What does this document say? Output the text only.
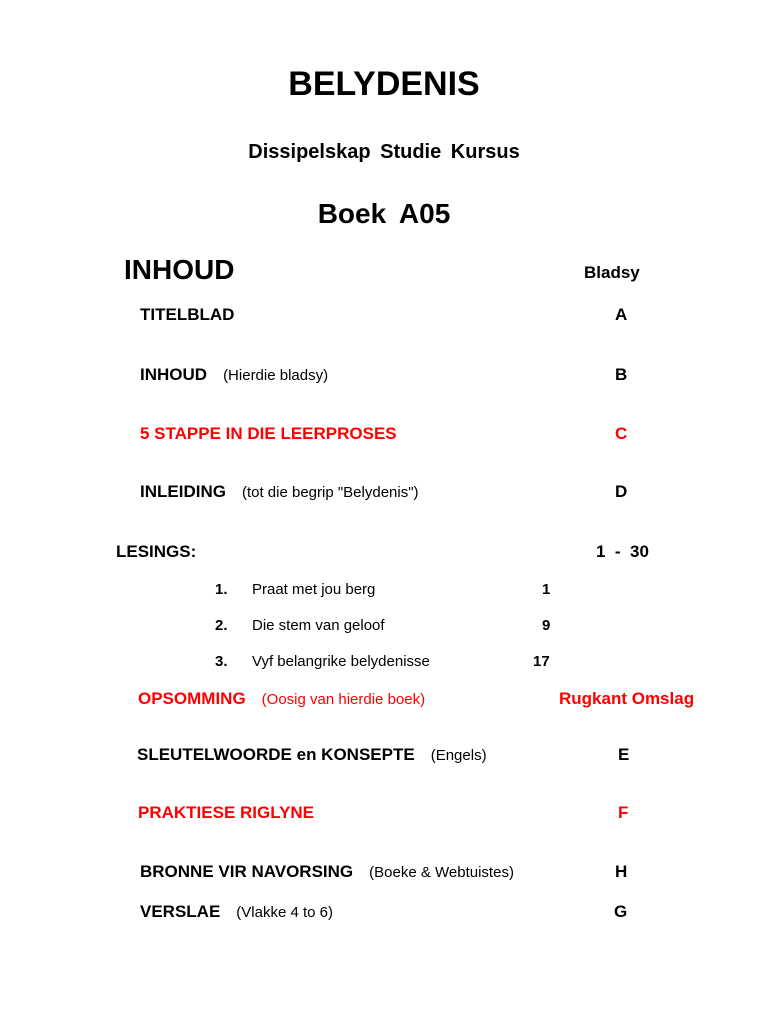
BELYDENIS
Dissipelskap Studie Kursus
Boek A05
INHOUD	Bladsy
TITELBLAD	A
INHOUD (Hierdie bladsy)	B
5 STAPPE IN DIE LEERPROSES	C
INLEIDING (tot die begrip "Belydenis")	D
LESINGS:	1  -  30
1. Praat met jou berg	1
2. Die stem van geloof	9
3. Vyf belangrike belydenisse	17
OPSOMMING (Oosig van hierdie boek)	Rugkant Omslag
SLEUTELWOORDE en KONSEPTE (Engels)	E
PRAKTIESE RIGLYNE	F
BRONNE VIR NAVORSING (Boeke & Webtuistes)	H
VERSLAE (Vlakke 4 to 6)	G
